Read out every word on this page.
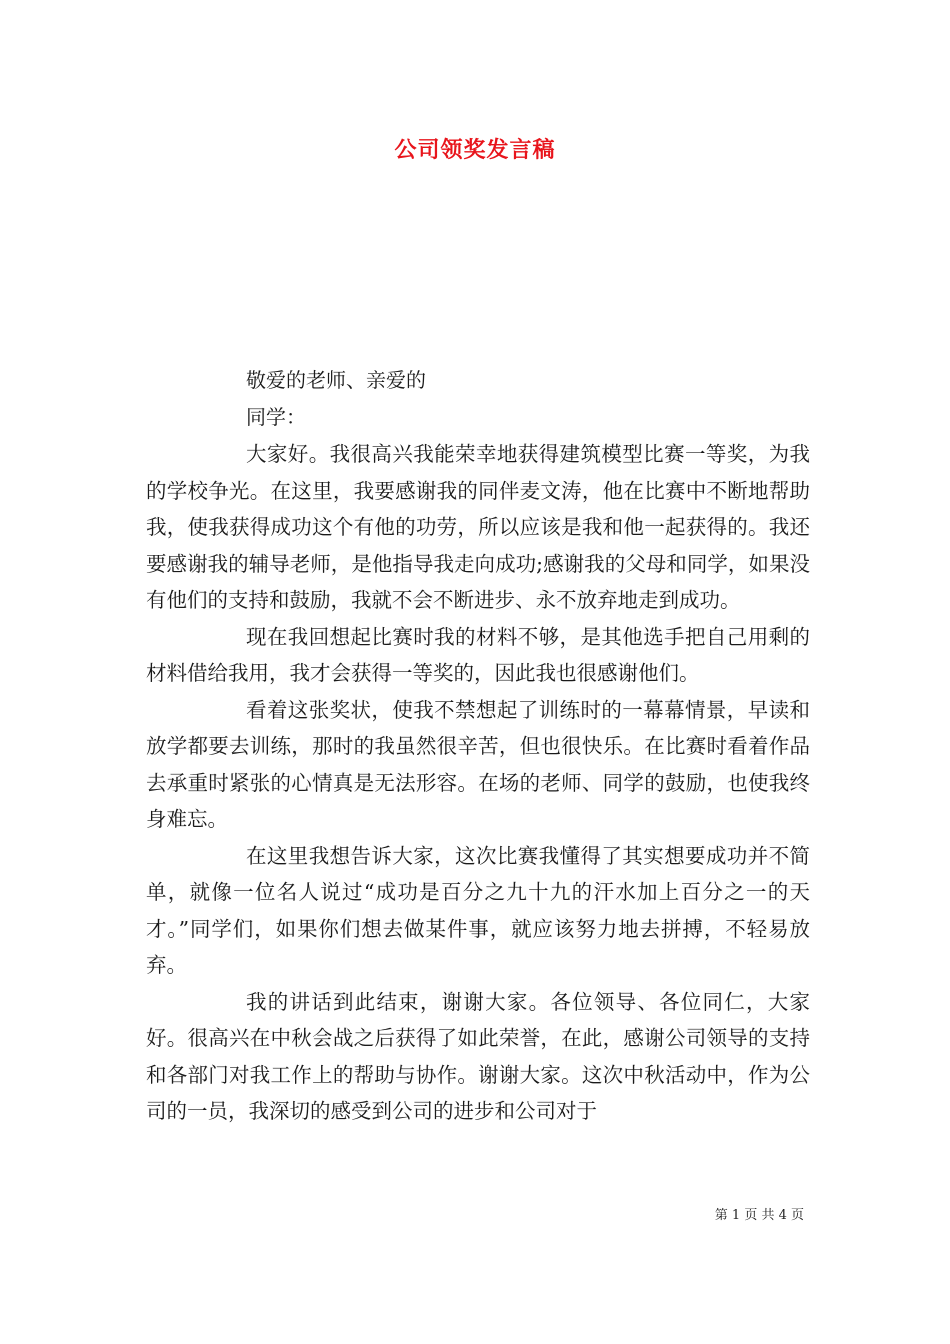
公司领奖发言稿
敬爱的老师、亲爱的
同学：

大家好。我很高兴我能荣幸地获得建筑模型比赛一等奖，为我的学校争光。在这里，我要感谢我的同伴麦文涛，他在比赛中不断地帮助我，使我获得成功这个有他的功劳，所以应该是我和他一起获得的。我还要感谢我的辅导老师，是他指导我走向成功;感谢我的父母和同学，如果没有他们的支持和鼓励，我就不会不断进步、永不放弃地走到成功。

现在我回想起比赛时我的材料不够，是其他选手把自己用剩的材料借给我用，我才会获得一等奖的，因此我也很感谢他们。

看着这张奖状，使我不禁想起了训练时的一幕幕情景，早读和放学都要去训练，那时的我虽然很辛苦，但也很快乐。在比赛时看着作品去承重时紧张的心情真是无法形容。在场的老师、同学的鼓励，也使我终身难忘。

在这里我想告诉大家，这次比赛我懂得了其实想要成功并不简单，就像一位名人说过“成功是百分之九十九的汗水加上百分之一的天才。”同学们，如果你们想去做某件事，就应该努力地去拼搏，不轻易放弃。

我的讲话到此结束，谢谢大家。各位领导、各位同仁，大家好。很高兴在中秋会战之后获得了如此荣誉，在此，感谢公司领导的支持和各部门对我工作上的帮助与协作。谢谢大家。这次中秋活动中，作为公司的一员，我深切的感受到公司的进步和公司对于

第 1 页 共 4 页
